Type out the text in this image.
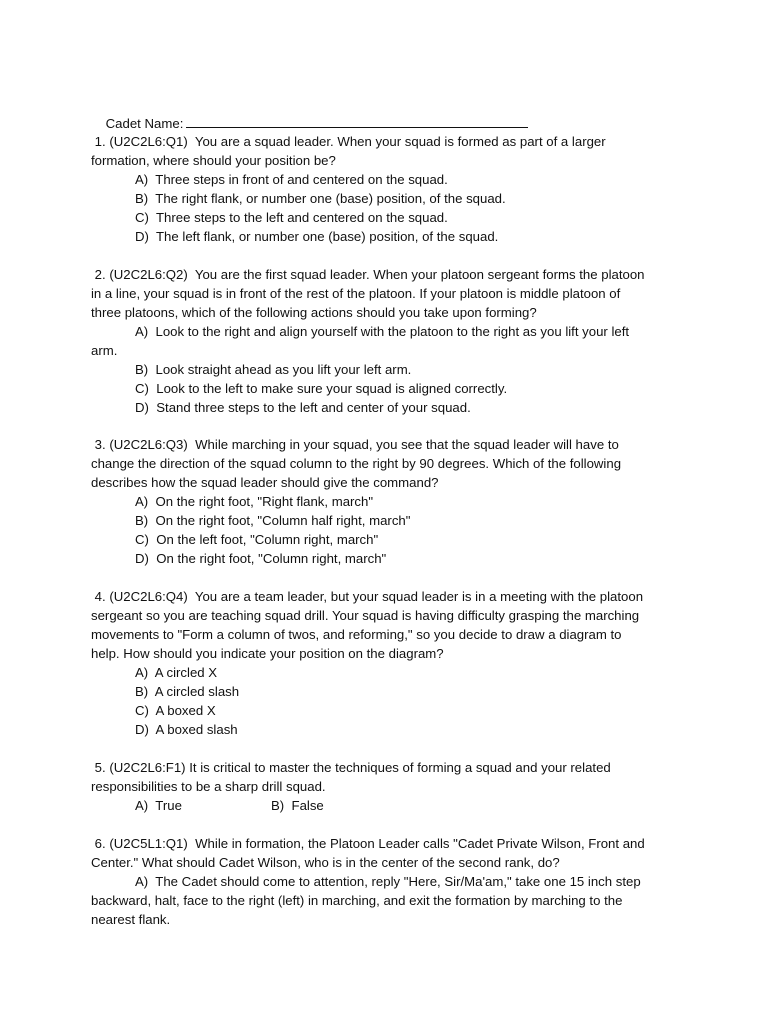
Cadet Name:

1. (U2C2L6:Q1) You are a squad leader. When your squad is formed as part of a larger
formation, where should your position be?
A)  Three steps in front of and centered on the squad.
B)  The right flank, or number one (base) position, of the squad.
C)  Three steps to the left and centered on the squad.
D)  The left flank, or number one (base) position, of the squad.
2. (U2C2L6:Q2) You are the first squad leader. When your platoon sergeant forms the platoon
in a line, your squad is in front of the rest of the platoon. If your platoon is middle platoon of
three platoons, which of the following actions should you take upon forming?
A)  Look to the right and align yourself with the platoon to the right as you lift your left
arm.
B)  Look straight ahead as you lift your left arm.
C)  Look to the left to make sure your squad is aligned correctly.
D)  Stand three steps to the left and center of your squad.
3. (U2C2L6:Q3) While marching in your squad, you see that the squad leader will have to
change the direction of the squad column to the right by 90 degrees. Which of the following
describes how the squad leader should give the command?
A)  On the right foot, "Right flank, march"
B)  On the right foot, "Column half right, march"
C)  On the left foot, "Column right, march"
D)  On the right foot, "Column right, march"
4. (U2C2L6:Q4) You are a team leader, but your squad leader is in a meeting with the platoon
sergeant so you are teaching squad drill. Your squad is having difficulty grasping the marching
movements to "Form a column of twos, and reforming," so you decide to draw a diagram to
help. How should you indicate your position on the diagram?
A)  A circled X
B)  A circled slash
C)  A boxed X
D)  A boxed slash
5. (U2C2L6:F1) It is critical to master the techniques of forming a squad and your related
responsibilities to be a sharp drill squad.
A)  True	B)  False
6. (U2C5L1:Q1) While in formation, the Platoon Leader calls "Cadet Private Wilson, Front and
Center." What should Cadet Wilson, who is in the center of the second rank, do?
A)  The Cadet should come to attention, reply "Here, Sir/Ma'am," take one 15 inch step
backward, halt, face to the right (left) in marching, and exit the formation by marching to the
nearest flank.
